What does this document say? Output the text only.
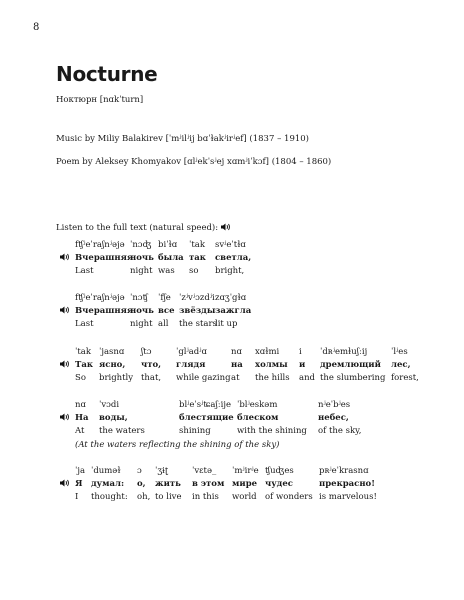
8
Nocturne
Ноктюрн [nɑkˈturn]
Music by Miliy Balakirev [ˈmʲilʲij bɑˈɫakʲirʲef] (1837 – 1910)
Poem by Aleksey Khomyakov [ɑlʲekˈsʲej xɑmʲiˈkɔf] (1804 – 1860)
Listen to the full text (natural speed):
fʧʲeˈraʃnʲəjə
Вчерашняя
Last
ˈnɔʤ
ночь
night
biˈɫɑ
была
was
ˈtak
так
so
svʲeˈtɫɑ
светла,
bright,
fʧʲeˈraʃnʲəjə
Вчерашняя
Last
ˈnɔʧ
ночь
night
ˈfʃe
все
all
ˈzʲvʲɔzdʲi
звёзды
the stars
zɑʒˈgɫɑ
зажгла
lit up
ˈtak
Так
So
ˈjasnɑ
ясно,
brightly
ʃtɔ
что,
that,
ˈglʲadʲɑ
глядя
while gazing
nɑ
на
at
xɑɫmi
холмы
the hills
i
и
and
ˈdʀʲemɫuʃːij
дремлющий
the slumbering
ˈlʲes
лес,
forest,
nɑ
На
At
ˈvɔdi
воды,
the waters
blʲeˈsʲʨaʃːije
блестящие
shining
ˈblʲeskəm
блеском
with the shining
nʲeˈbʲes
небес,
of the sky,
(At the waters reflecting the shining of the sky)
ˈja
Я
I
ˈduməɫ
думал:
thought:
ɔ
о,
oh,
ˈʒɨʈ
жить
to live
ˈvɛtə_
в этом
in this
ˈmʲirʲe
мире
world
ʧuʤes
чудес
of wonders
pʀʲeˈkrasnɑ
прекрасно!
is marvelous!
